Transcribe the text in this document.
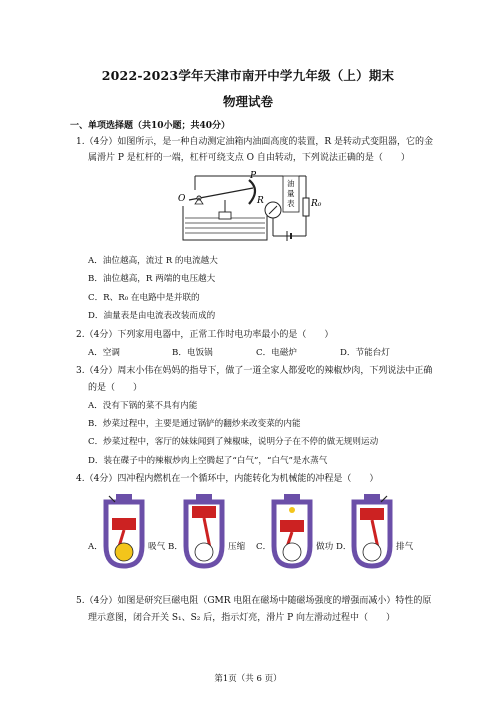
2022-2023学年天津市南开中学九年级（上）期末
物理试卷
一、单项选择题（共10小题；共40分）
1.（4分）如图所示，是一种自动测定油箱内油面高度的装置，R 是转动式变阻器，它的金
属滑片 P 是杠杆的一端，杠杆可绕支点 O 自由转动，下列说法正确的是（　　）
P
O	R	R₀
油
量
表
A．油位越高，流过 R 的电流越大
B．油位越高，R 两端的电压越大
C．R、R₀ 在电路中是并联的
D．油量表是由电流表改装而成的
2.（4分）下列家用电器中，正常工作时电功率最小的是（　　）
A．空调	B．电饭锅	C．电磁炉	D．节能台灯
3.（4分）周末小伟在妈妈的指导下，做了一道全家人都爱吃的辣椒炒肉，下列说法中正确
的是（　　）
A．没有下锅的菜不具有内能
B．炒菜过程中，主要是通过锅铲的翻炒来改变菜的内能
C．炒菜过程中，客厅的妹妹闻到了辣椒味，说明分子在不停的做无规则运动
D．装在碟子中的辣椒炒肉上空腾起了“白气”，“白气”是水蒸气
4.（4分）四冲程内燃机在一个循环中，内能转化为机械能的冲程是（　　）
A．	吸气 B．	压缩 C．	做功 D．	排气
5.（4分）如图是研究巨磁电阻（GMR 电阻在磁场中随磁场强度的增强而减小）特性的原
理示意图，闭合开关 S₁、S₂ 后，指示灯亮，滑片 P 向左滑动过程中（　　）
第1页（共 6 页）
